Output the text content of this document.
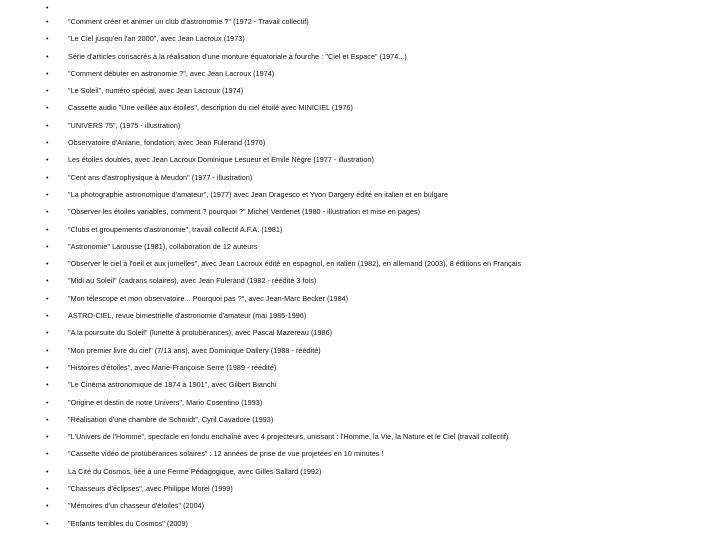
•
•	"Comment créer et animer un club d'astronomie ?" (1972 - Travail collectif)
•	"Le Ciel jusqu'en l'an 2000", avec Jean Lacroux (1973)
•	Série d'articles consacrés à la réalisation d'une monture équatoriale à fourche : "Ciel et Espace" (1974...)
•	"Comment débuter en astronomie ?", avec Jean Lacroux (1974)
•	"Le Soleil", numéro spécial, avec Jean Lacroux (1974)
•	Cassette audio "Une veillée aux étoiles", description du ciel étoilé avec MINICIEL (1976)
•	"UNIVERS 75", (1975 - illustration)
•	Observatoire d'Aniane, fondation, avec Jean Fulerand (1976)
•	Les étoiles doubles, avec Jean Lacroux Dominique Lesueur et Emile Nègre (1977 - illustration)
•	"Cent ans d'astrophysique à Meudon" (1977 - illustration)
•	"La photographie astronomique d'amateur", (1977) avec Jean Dragesco et Yvon Dargery édité en italien et en bulgare
•	"Observer les étoiles variables, comment ? pourquoi ?" Michel Verdenet (1980 - illustration et mise en pages)
•	"Clubs et groupements d'astronomie", travail collectif A.F.A. (1981)
•	"Astronomie" Larousse (1981), collaboration de 12 auteurs
•	"Observer le ciel à l'oeil et aux jumelles", avec Jean Lacroux édité en espagnol, en italien (1982), en allemand (2003), 8 éditions en Français
•	"Midi au Soleil" (cadrans solaires), avec Jean Fulerand (1982 - réédité 3 fois)
•	"Mon télescope et mon observatoire... Pourquoi pas ?", avec Jean-Marc Becker (1984)
•	ASTRO-CIEL, revue bimestrielle d'astronomie d'amateur (mai 1985-1996)
•	"A la poursuite du Soleil" (lunette à protubérances), avec Pascal Mazereau (1986)
•	"Mon premier livre du ciel" (7/13 ans), avec Dominique Dallery (1988 - réédité)
•	"Histoires d'étoiles", avec Marie-Françoise Serre (1989 - réédité)
•	"Le Cinéma astronomique de 1874 à 1901", avec Gilbert Bianchi
•	"Origine et destin de notre Univers", Mario Cosentino (1993)
•	"Réalisation d'une chambre de Schmidt", Cyril Cavadore (1993)
•	"L'Univers de l'Homme", spectacle en fondu enchaîné avec 4 projecteurs, unissant : l'Homme, la Vie, la Nature et le Ciel (travail collectif)
•	"Cassette vidéo de protubérances solaires" : 12 années de prise de vue projetées en 10 minutes !
•	La Cité du Cosmos, liée à une Ferme Pédagogique, avec Gilles Sallard (1992)
•	"Chasseurs d'éclipses", avec Philippe Morel (1999)
•	"Mémoires d'un chasseur d'étoiles" (2004)
•	"Enfants terribles du Cosmos" (2009)
